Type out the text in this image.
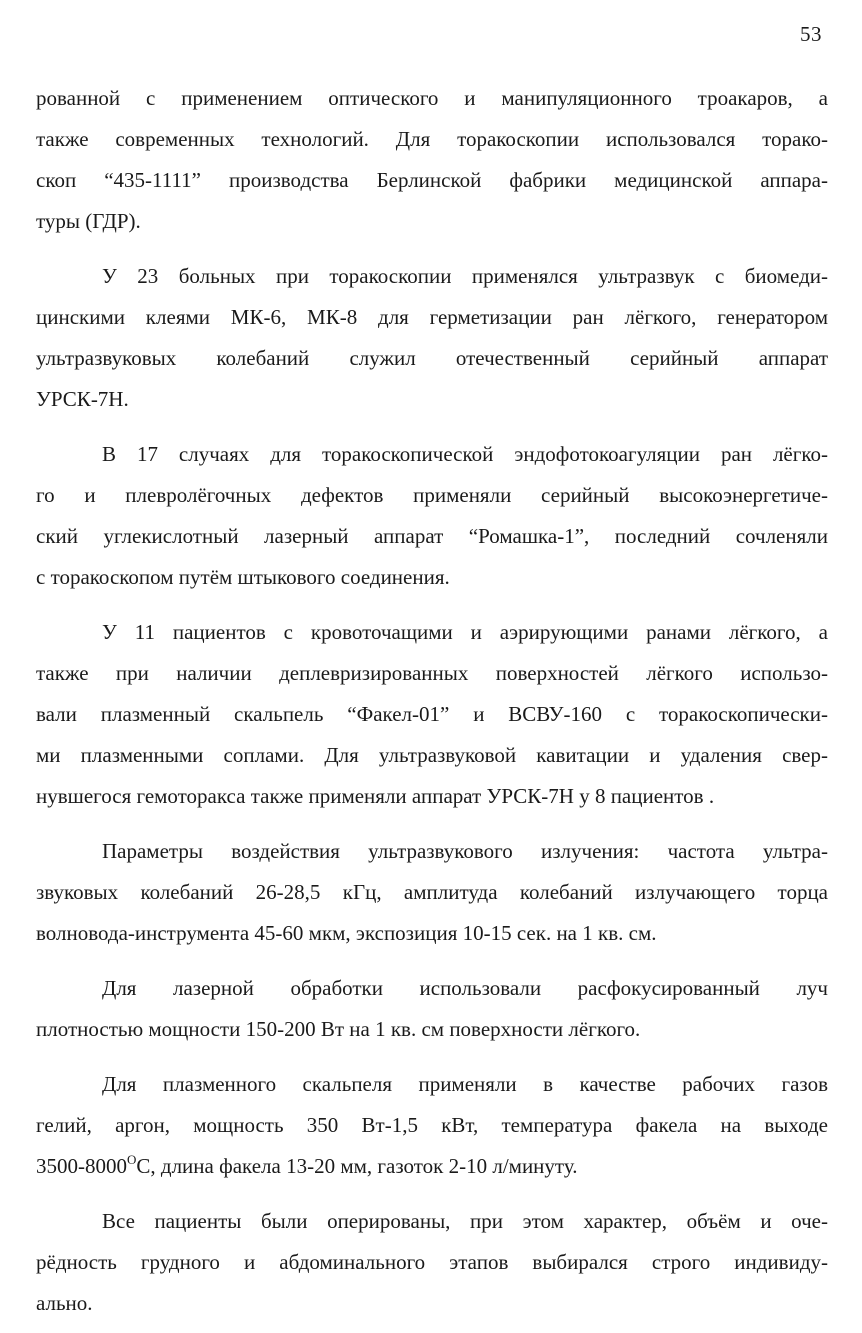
53
рованной с применением оптического и манипуляционного троакаров, а
также современных технологий. Для торакоскопии использовался торако-
скоп “435-1111” производства Берлинской фабрики медицинской аппара-
туры (ГДР).
У 23 больных при торакоскопии применялся ультразвук с биомеди-
цинскими клеями МК-6, МК-8 для герметизации ран лёгкого, генератором
ультразвуковых колебаний служил отечественный серийный аппарат
УРСК-7Н.
В 17 случаях для торакоскопической эндофотокоагуляции ран лёгко-
го и плевролёгочных дефектов применяли серийный высокоэнергетиче-
ский углекислотный лазерный аппарат “Ромашка-1”, последний сочленяли
с торакоскопом путём штыкового соединения.
У 11 пациентов с кровоточащими и аэрирующими ранами лёгкого, а
также при наличии деплевризированных поверхностей лёгкого использо-
вали плазменный скальпель “Факел-01” и ВСВУ-160 с торакоскопически-
ми плазменными соплами. Для ультразвуковой кавитации и удаления свер-
нувшегося гемоторакса также применяли аппарат УРСК-7Н у 8 пациентов .
Параметры воздействия ультразвукового излучения: частота ультра-
звуковых колебаний 26-28,5 кГц, амплитуда колебаний излучающего торца
волновода-инструмента 45-60 мкм, экспозиция 10-15 сек. на 1 кв. см.
Для лазерной обработки использовали расфокусированный луч
плотностью мощности 150-200 Вт на 1 кв. см поверхности лёгкого.
Для плазменного скальпеля применяли в качестве рабочих газов
гелий, аргон, мощность 350 Вт-1,5 кВт, температура факела на выходе
$3500-8000^OС$, длина факела 13-20 мм, газоток 2-10 л/минуту.
Все пациенты были оперированы, при этом характер, объём и оче-
рёдность грудного и абдоминального этапов выбирался строго индивиду-
ально.
